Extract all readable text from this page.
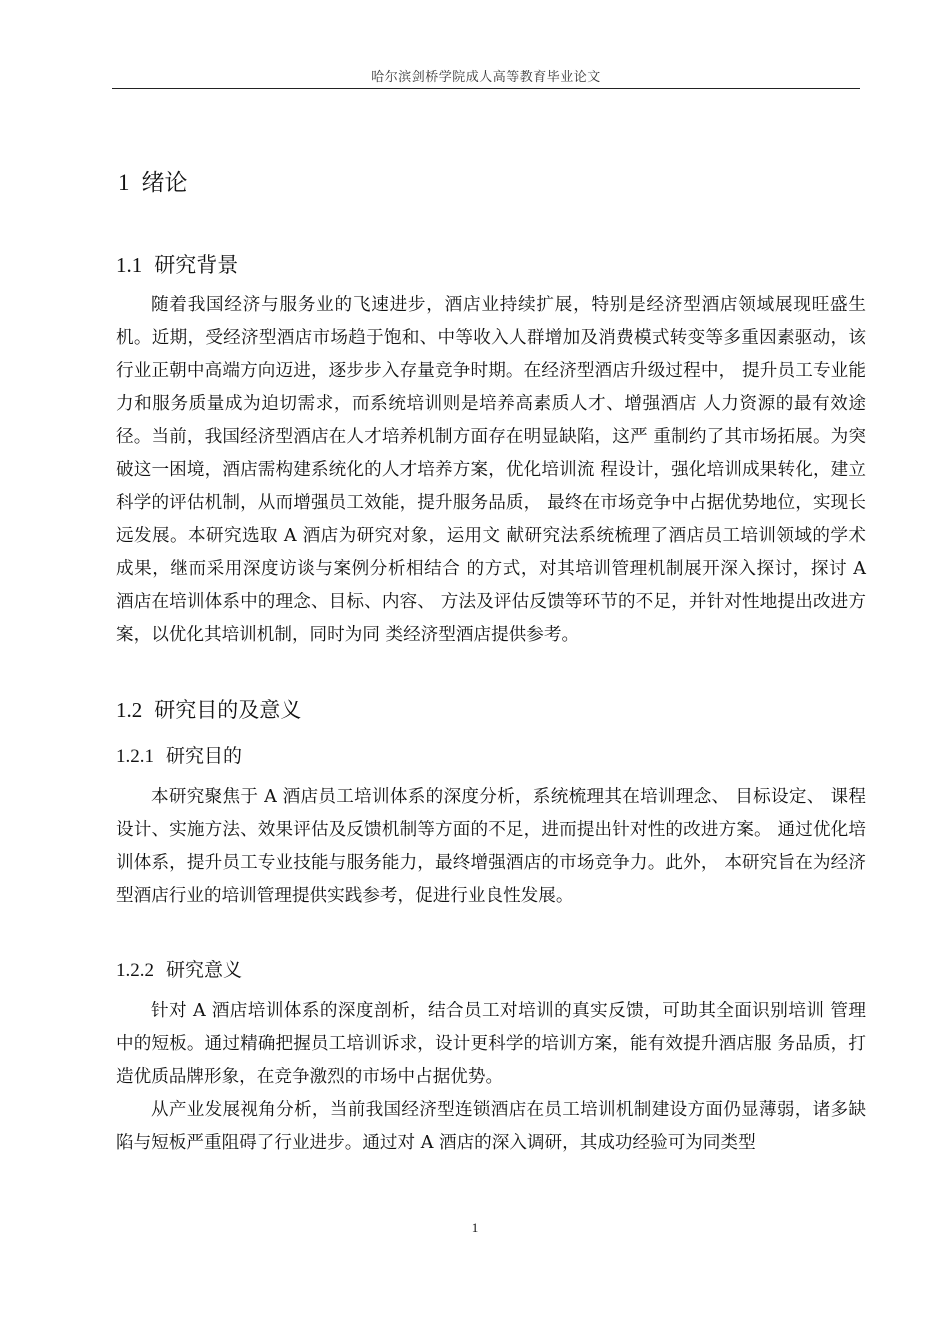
哈尔滨剑桥学院成人高等教育毕业论文
1 绪论
1.1 研究背景

随着我国经济与服务业的飞速进步，酒店业持续扩展，特别是经济型酒店领域展现旺盛生机。近期，受经济型酒店市场趋于饱和、中等收入人群增加及消费模式转变等多重因素驱动，该行业正朝中高端方向迈进，逐步步入存量竞争时期。在经济型酒店升级过程中， 提升员工专业能力和服务质量成为迫切需求，而系统培训则是培养高素质人才、增强酒店 人力资源的最有效途径。当前，我国经济型酒店在人才培养机制方面存在明显缺陷，这严 重制约了其市场拓展。为突破这一困境，酒店需构建系统化的人才培养方案，优化培训流 程设计，强化培训成果转化，建立科学的评估机制，从而增强员工效能，提升服务品质， 最终在市场竞争中占据优势地位，实现长远发展。本研究选取 A 酒店为研究对象，运用文 献研究法系统梳理了酒店员工培训领域的学术成果，继而采用深度访谈与案例分析相结合 的方式，对其培训管理机制展开深入探讨，探讨 A 酒店在培训体系中的理念、目标、内容、 方法及评估反馈等环节的不足，并针对性地提出改进方案，以优化其培训机制，同时为同 类经济型酒店提供参考。

1.2 研究目的及意义
1.2.1 研究目的

本研究聚焦于 A 酒店员工培训体系的深度分析，系统梳理其在培训理念、 目标设定、 课程设计、实施方法、效果评估及反馈机制等方面的不足，进而提出针对性的改进方案。 通过优化培训体系，提升员工专业技能与服务能力，最终增强酒店的市场竞争力。此外， 本研究旨在为经济型酒店行业的培训管理提供实践参考，促进行业良性发展。

1.2.2 研究意义

针对 A 酒店培训体系的深度剖析，结合员工对培训的真实反馈，可助其全面识别培训 管理中的短板。通过精确把握员工培训诉求，设计更科学的培训方案，能有效提升酒店服 务品质，打造优质品牌形象，在竞争激烈的市场中占据优势。

从产业发展视角分析，当前我国经济型连锁酒店在员工培训机制建设方面仍显薄弱，诸多缺陷与短板严重阻碍了行业进步。通过对 A 酒店的深入调研，其成功经验可为同类型

1
